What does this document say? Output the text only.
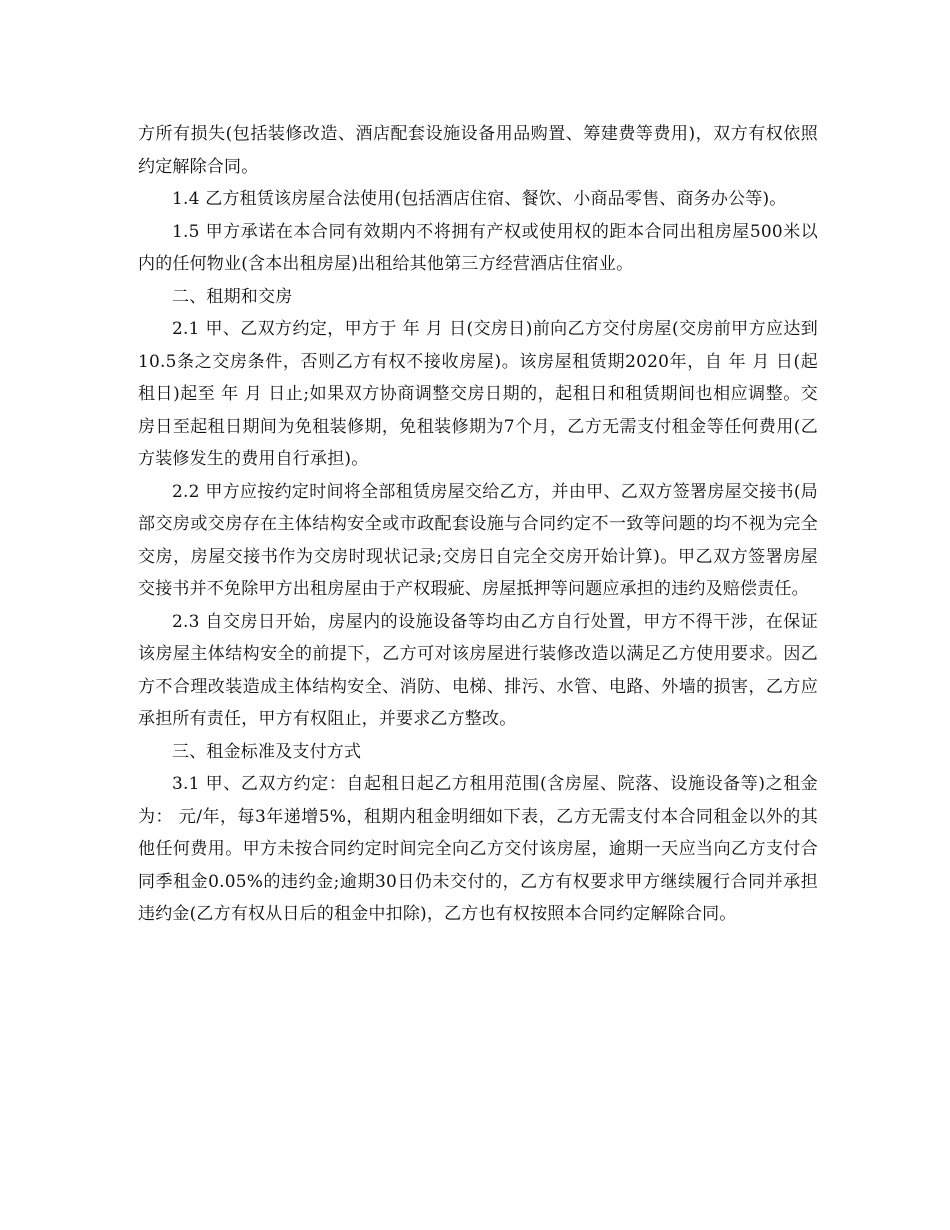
方所有损失(包括装修改造、酒店配套设施设备用品购置、筹建费等费用)，双方有权依照约定解除合同。

1.4 乙方租赁该房屋合法使用(包括酒店住宿、餐饮、小商品零售、商务办公等)。

1.5 甲方承诺在本合同有效期内不将拥有产权或使用权的距本合同出租房屋500米以内的任何物业(含本出租房屋)出租给其他第三方经营酒店住宿业。

二、租期和交房

2.1 甲、乙双方约定，甲方于 年 月 日(交房日)前向乙方交付房屋(交房前甲方应达到10.5条之交房条件，否则乙方有权不接收房屋)。该房屋租赁期2020年，自 年 月 日(起租日)起至 年 月 日止;如果双方协商调整交房日期的，起租日和租赁期间也相应调整。交房日至起租日期间为免租装修期，免租装修期为7个月，乙方无需支付租金等任何费用(乙方装修发生的费用自行承担)。

2.2 甲方应按约定时间将全部租赁房屋交给乙方，并由甲、乙双方签署房屋交接书(局部交房或交房存在主体结构安全或市政配套设施与合同约定不一致等问题的均不视为完全交房，房屋交接书作为交房时现状记录;交房日自完全交房开始计算)。甲乙双方签署房屋交接书并不免除甲方出租房屋由于产权瑕疵、房屋抵押等问题应承担的违约及赔偿责任。

2.3 自交房日开始，房屋内的设施设备等均由乙方自行处置，甲方不得干涉，在保证该房屋主体结构安全的前提下，乙方可对该房屋进行装修改造以满足乙方使用要求。因乙方不合理改装造成主体结构安全、消防、电梯、排污、水管、电路、外墙的损害，乙方应承担所有责任，甲方有权阻止，并要求乙方整改。

三、租金标准及支付方式

3.1 甲、乙双方约定：自起租日起乙方租用范围(含房屋、院落、设施设备等)之租金为： 元/年，每3年递增5%，租期内租金明细如下表，乙方无需支付本合同租金以外的其他任何费用。甲方未按合同约定时间完全向乙方交付该房屋，逾期一天应当向乙方支付合同季租金0.05%的违约金;逾期30日仍未交付的，乙方有权要求甲方继续履行合同并承担违约金(乙方有权从日后的租金中扣除)，乙方也有权按照本合同约定解除合同。
